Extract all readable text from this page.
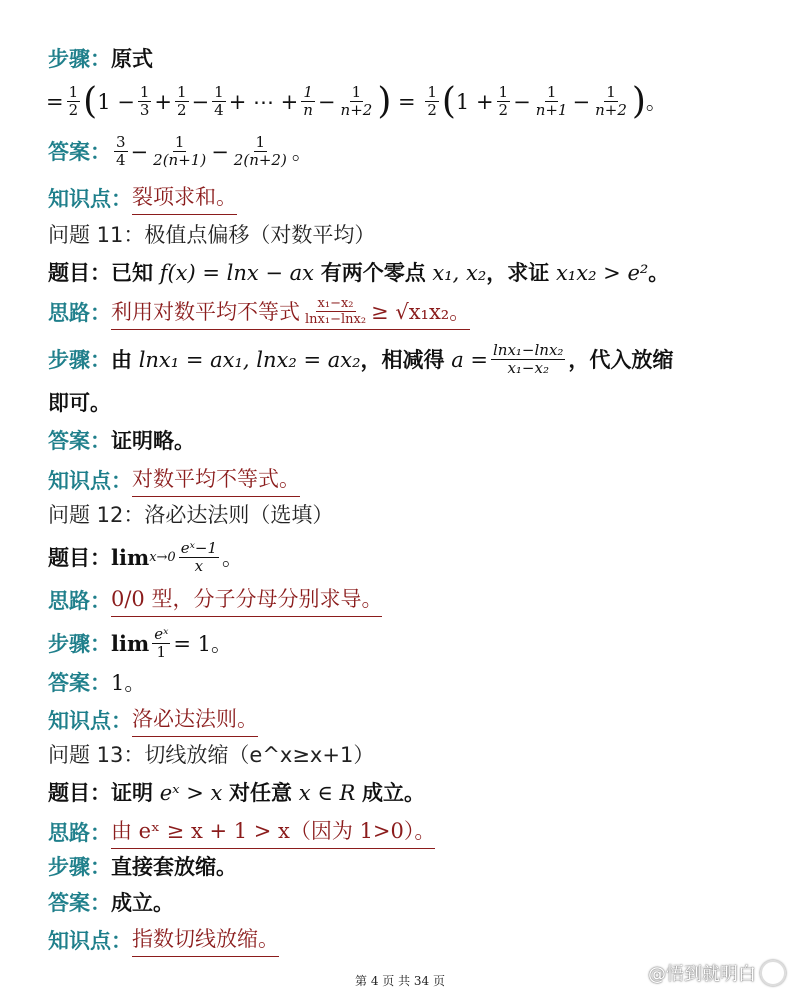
步骤： 原式
= $\frac{1}{2}$ ( $1 - \frac{1}{3} + \frac{1}{2} - \frac{1}{4}$ + ⋯ + $\frac{1}{n} - \frac{1}{n+2}$ ) = $\frac{1}{2}$ ( $1 + \frac{1}{2} - \frac{1}{n+1} - \frac{1}{n+2}$ ) 。
答案： $\frac{3}{4} - \frac{1}{2(n+1)} - \frac{1}{2(n+2)}$ 。
知识点： 裂项求和。
问题 11：极值点偏移（对数平均）
题目： 已知
f(x) = lnx − ax
有两个零点
x₁, x₂ ，求证
x₁x₂ > e² 。
思路： 利用对数平均不等式 $\frac{\text{x₁−x₂}}{\text{lnx₁−lnx₂}} \ge √x_1x_2$。
步骤： 由
lnx₁ = ax₁, lnx₂ = ax₂ ，相减得
$a = \frac{\text{lnx₁−lnx₂}}{\text{x₁−x₂}}$ ，代入放缩
即可。
答案： 证明略。
知识点： 对数平均不等式。
问题 12：洛必达法则（选填）
题目： $\lim x\to 0 \frac{\text{eˣ−1}}{x}$ 。
思路： 0/0 型，分子分母分别求导。
步骤： $\lim \frac{\text{eˣ}}{1} = 1$。
答案： 1。
知识点： 洛必达法则。
问题 13：切线放缩（e^x≥x+1）
题目： 证明
eˣ > x
对任意
x ∈ R
成立。
思路： 由 eˣ ≥ x + 1 > x（因为 1>0）。
步骤： 直接套放缩。
答案： 成立。
知识点： 指数切线放缩。
第 4 页 共 34 页	@悟到就明白
